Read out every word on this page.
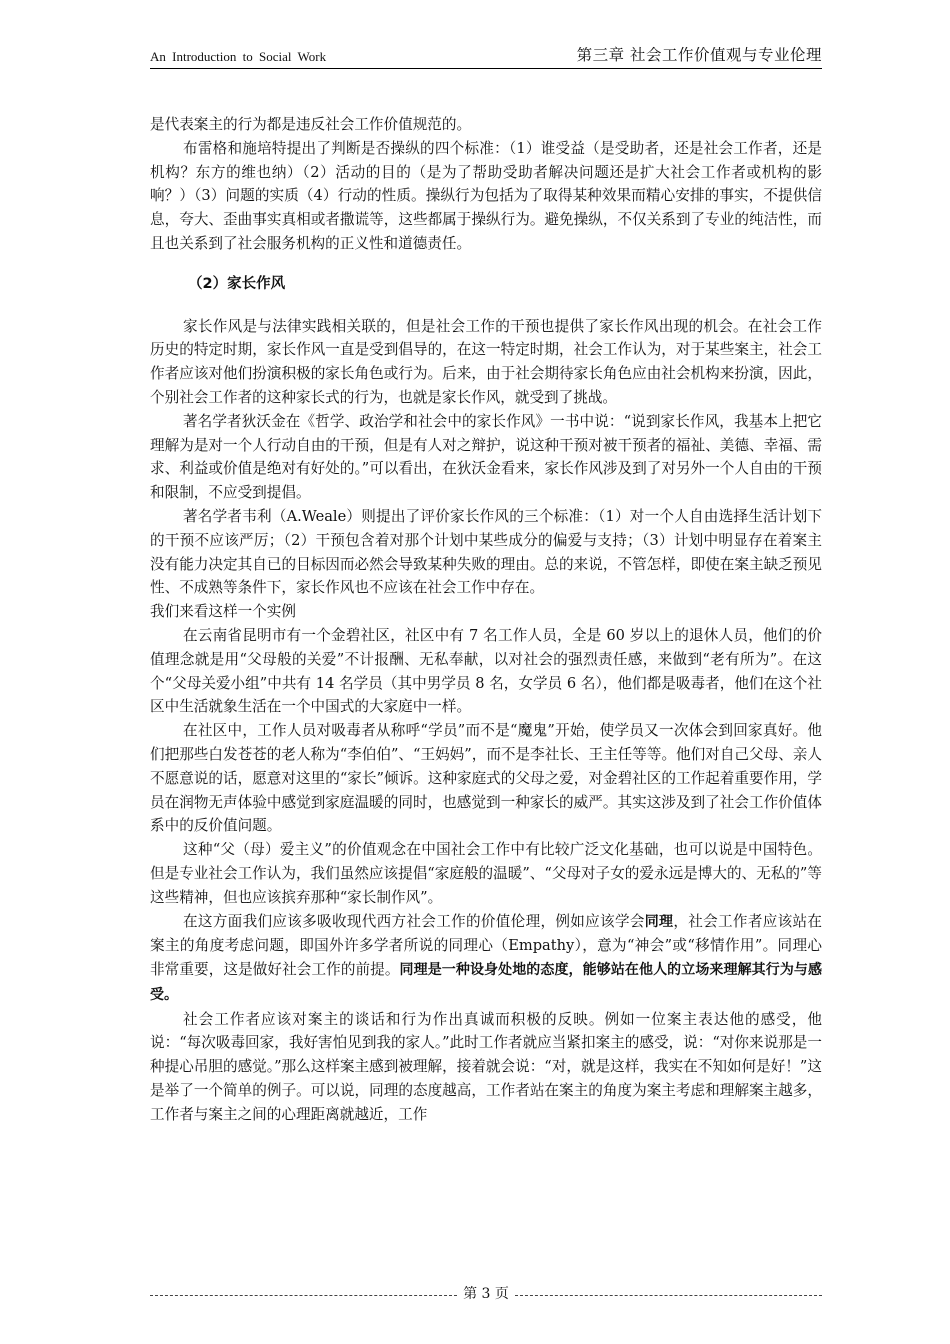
An Introduction to Social Work	第三章 社会工作价值观与专业伦理

是代表案主的行为都是违反社会工作价值规范的。

布雷格和施培特提出了判断是否操纵的四个标准：（1）谁受益（是受助者，还是社会工作者，还是机构？东方的维也纳）（2）活动的目的（是为了帮助受助者解决问题还是扩大社会工作者或机构的影响？）（3）问题的实质（4）行动的性质。操纵行为包括为了取得某种效果而精心安排的事实，不提供信息，夸大、歪曲事实真相或者撒谎等，这些都属于操纵行为。避免操纵，不仅关系到了专业的纯洁性，而且也关系到了社会服务机构的正义性和道德责任。

（2）家长作风

家长作风是与法律实践相关联的，但是社会工作的干预也提供了家长作风出现的机会。在社会工作历史的特定时期，家长作风一直是受到倡导的，在这一特定时期，社会工作认为，对于某些案主，社会工作者应该对他们扮演积极的家长角色或行为。后来，由于社会期待家长角色应由社会机构来扮演，因此，个别社会工作者的这种家长式的行为，也就是家长作风，就受到了挑战。

著名学者狄沃金在《哲学、政治学和社会中的家长作风》一书中说：“说到家长作风，我基本上把它理解为是对一个人行动自由的干预，但是有人对之辩护，说这种干预对被干预者的福祉、美德、幸福、需求、利益或价值是绝对有好处的。”可以看出，在狄沃金看来，家长作风涉及到了对另外一个人自由的干预和限制，不应受到提倡。

著名学者韦利（A.Weale）则提出了评价家长作风的三个标准：（1）对一个人自由选择生活计划下的干预不应该严厉；（2）干预包含着对那个计划中某些成分的偏爱与支持；（3）计划中明显存在着案主没有能力决定其自已的目标因而必然会导致某种失败的理由。总的来说，不管怎样，即使在案主缺乏预见性、不成熟等条件下，家长作风也不应该在社会工作中存在。

我们来看这样一个实例

在云南省昆明市有一个金碧社区，社区中有 7 名工作人员，全是 60 岁以上的退休人员，他们的价值理念就是用“父母般的关爱”不计报酬、无私奉献，以对社会的强烈责任感，来做到“老有所为”。在这个“父母关爱小组”中共有 14 名学员（其中男学员 8 名，女学员 6 名），他们都是吸毒者，他们在这个社区中生活就象生活在一个中国式的大家庭中一样。

在社区中，工作人员对吸毒者从称呼“学员”而不是“魔鬼”开始，使学员又一次体会到回家真好。他们把那些白发苍苍的老人称为“李伯伯”、“王妈妈”，而不是李社长、王主任等等。他们对自己父母、亲人不愿意说的话，愿意对这里的“家长”倾诉。这种家庭式的父母之爱，对金碧社区的工作起着重要作用，学员在润物无声体验中感觉到家庭温暖的同时，也感觉到一种家长的威严。其实这涉及到了社会工作价值体系中的反价值问题。

这种“父（母）爱主义”的价值观念在中国社会工作中有比较广泛文化基础，也可以说是中国特色。但是专业社会工作认为，我们虽然应该提倡“家庭般的温暖”、“父母对子女的爱永远是博大的、无私的”等这些精神，但也应该摈弃那种“家长制作风”。

在这方面我们应该多吸收现代西方社会工作的价值伦理，例如应该学会同理，社会工作者应该站在案主的角度考虑问题，即国外许多学者所说的同理心（Empathy），意为“神会”或“移情作用”。同理心非常重要，这是做好社会工作的前提。同理是一种设身处地的态度，能够站在他人的立场来理解其行为与感受。

社会工作者应该对案主的谈话和行为作出真诚而积极的反映。例如一位案主表达他的感受，他说：“每次吸毒回家，我好害怕见到我的家人。”此时工作者就应当紧扣案主的感受，说：“对你来说那是一种提心吊胆的感觉。”那么这样案主感到被理解，接着就会说：“对，就是这样，我实在不知如何是好！”这是举了一个简单的例子。可以说，同理的态度越高，工作者站在案主的角度为案主考虑和理解案主越多，工作者与案主之间的心理距离就越近，工作

第 3 页
